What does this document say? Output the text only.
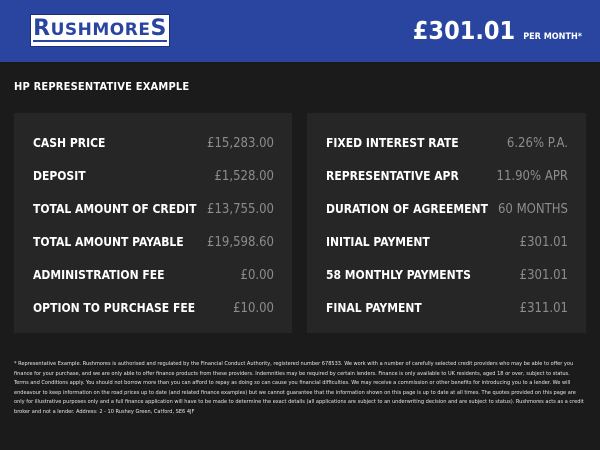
RUSHMORES	£301.01 PER MONTH*
HP REPRESENTATIVE EXAMPLE
CASH PRICE	£15,283.00
DEPOSIT	£1,528.00
TOTAL AMOUNT OF CREDIT £13,755.00
TOTAL AMOUNT PAYABLE £19,598.60
ADMINISTRATION FEE	£0.00
OPTION TO PURCHASE FEE	£10.00
FIXED INTEREST RATE	6.26% P.A.
REPRESENTATIVE APR	11.90% APR
DURATION OF AGREEMENT 60 MONTHS
INITIAL PAYMENT	£301.01
58 MONTHLY PAYMENTS	£301.01
FINAL PAYMENT	£311.01
* Representative Example. Rushmores is authorised and regulated by the Financial Conduct Authority, registered number 678533. We work with a number of carefully selected credit providers who may be able to offer you finance for your purchase, and we are only able to offer finance products from these providers. Indemnities may be required by certain lenders. Finance is only available to UK residents, aged 18 or over, subject to status. Terms and Conditions apply. You should not borrow more than you can afford to repay as doing so can cause you financial difficulties. We may receive a commission or other benefits for introducing you to a lender. We will endeavour to keep information on the road prices up to date (and related finance examples) but we cannot guarantee that the information shown on this page is up to date at all times. The quotes provided on this page are only for illustrative purposes only and a full finance application will have to be made to determine the exact details (all applications are subject to an underwriting decision and are subject to status). Rushmores acts as a credit broker and not a lender. Address: 2 - 10 Rushey Green, Catford, SE6 4JF
